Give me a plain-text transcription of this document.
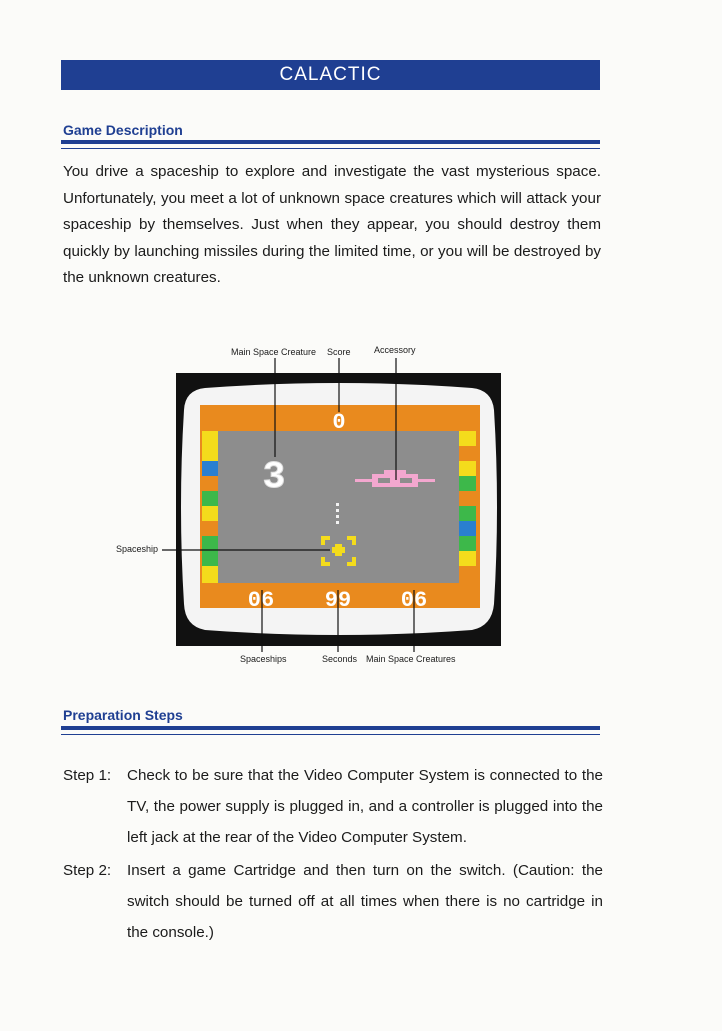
CALACTIC
Game Description

You drive a spaceship to explore and investigate the vast mysterious space. Unfortunately, you meet a lot of unknown space creatures which will attack your spaceship by themselves. Just when they appear, you should destroy them quickly by launching missiles during the limited time, or you will be destroyed by the unknown creatures.

0
3
06 99 06
Main Space Creature Score	Accessory
Spaceship
Spaceships	Seconds Main Space Creatures
Preparation Steps
Step 1:	Check to be sure that the Video Computer System is connected to the TV, the power supply is plugged in, and a controller is plugged into the left jack at the rear of the Video Computer System.
Step 2:	Insert a game Cartridge and then turn on the switch. (Caution: the switch should be turned off at all times when there is no cartridge in the console.)
